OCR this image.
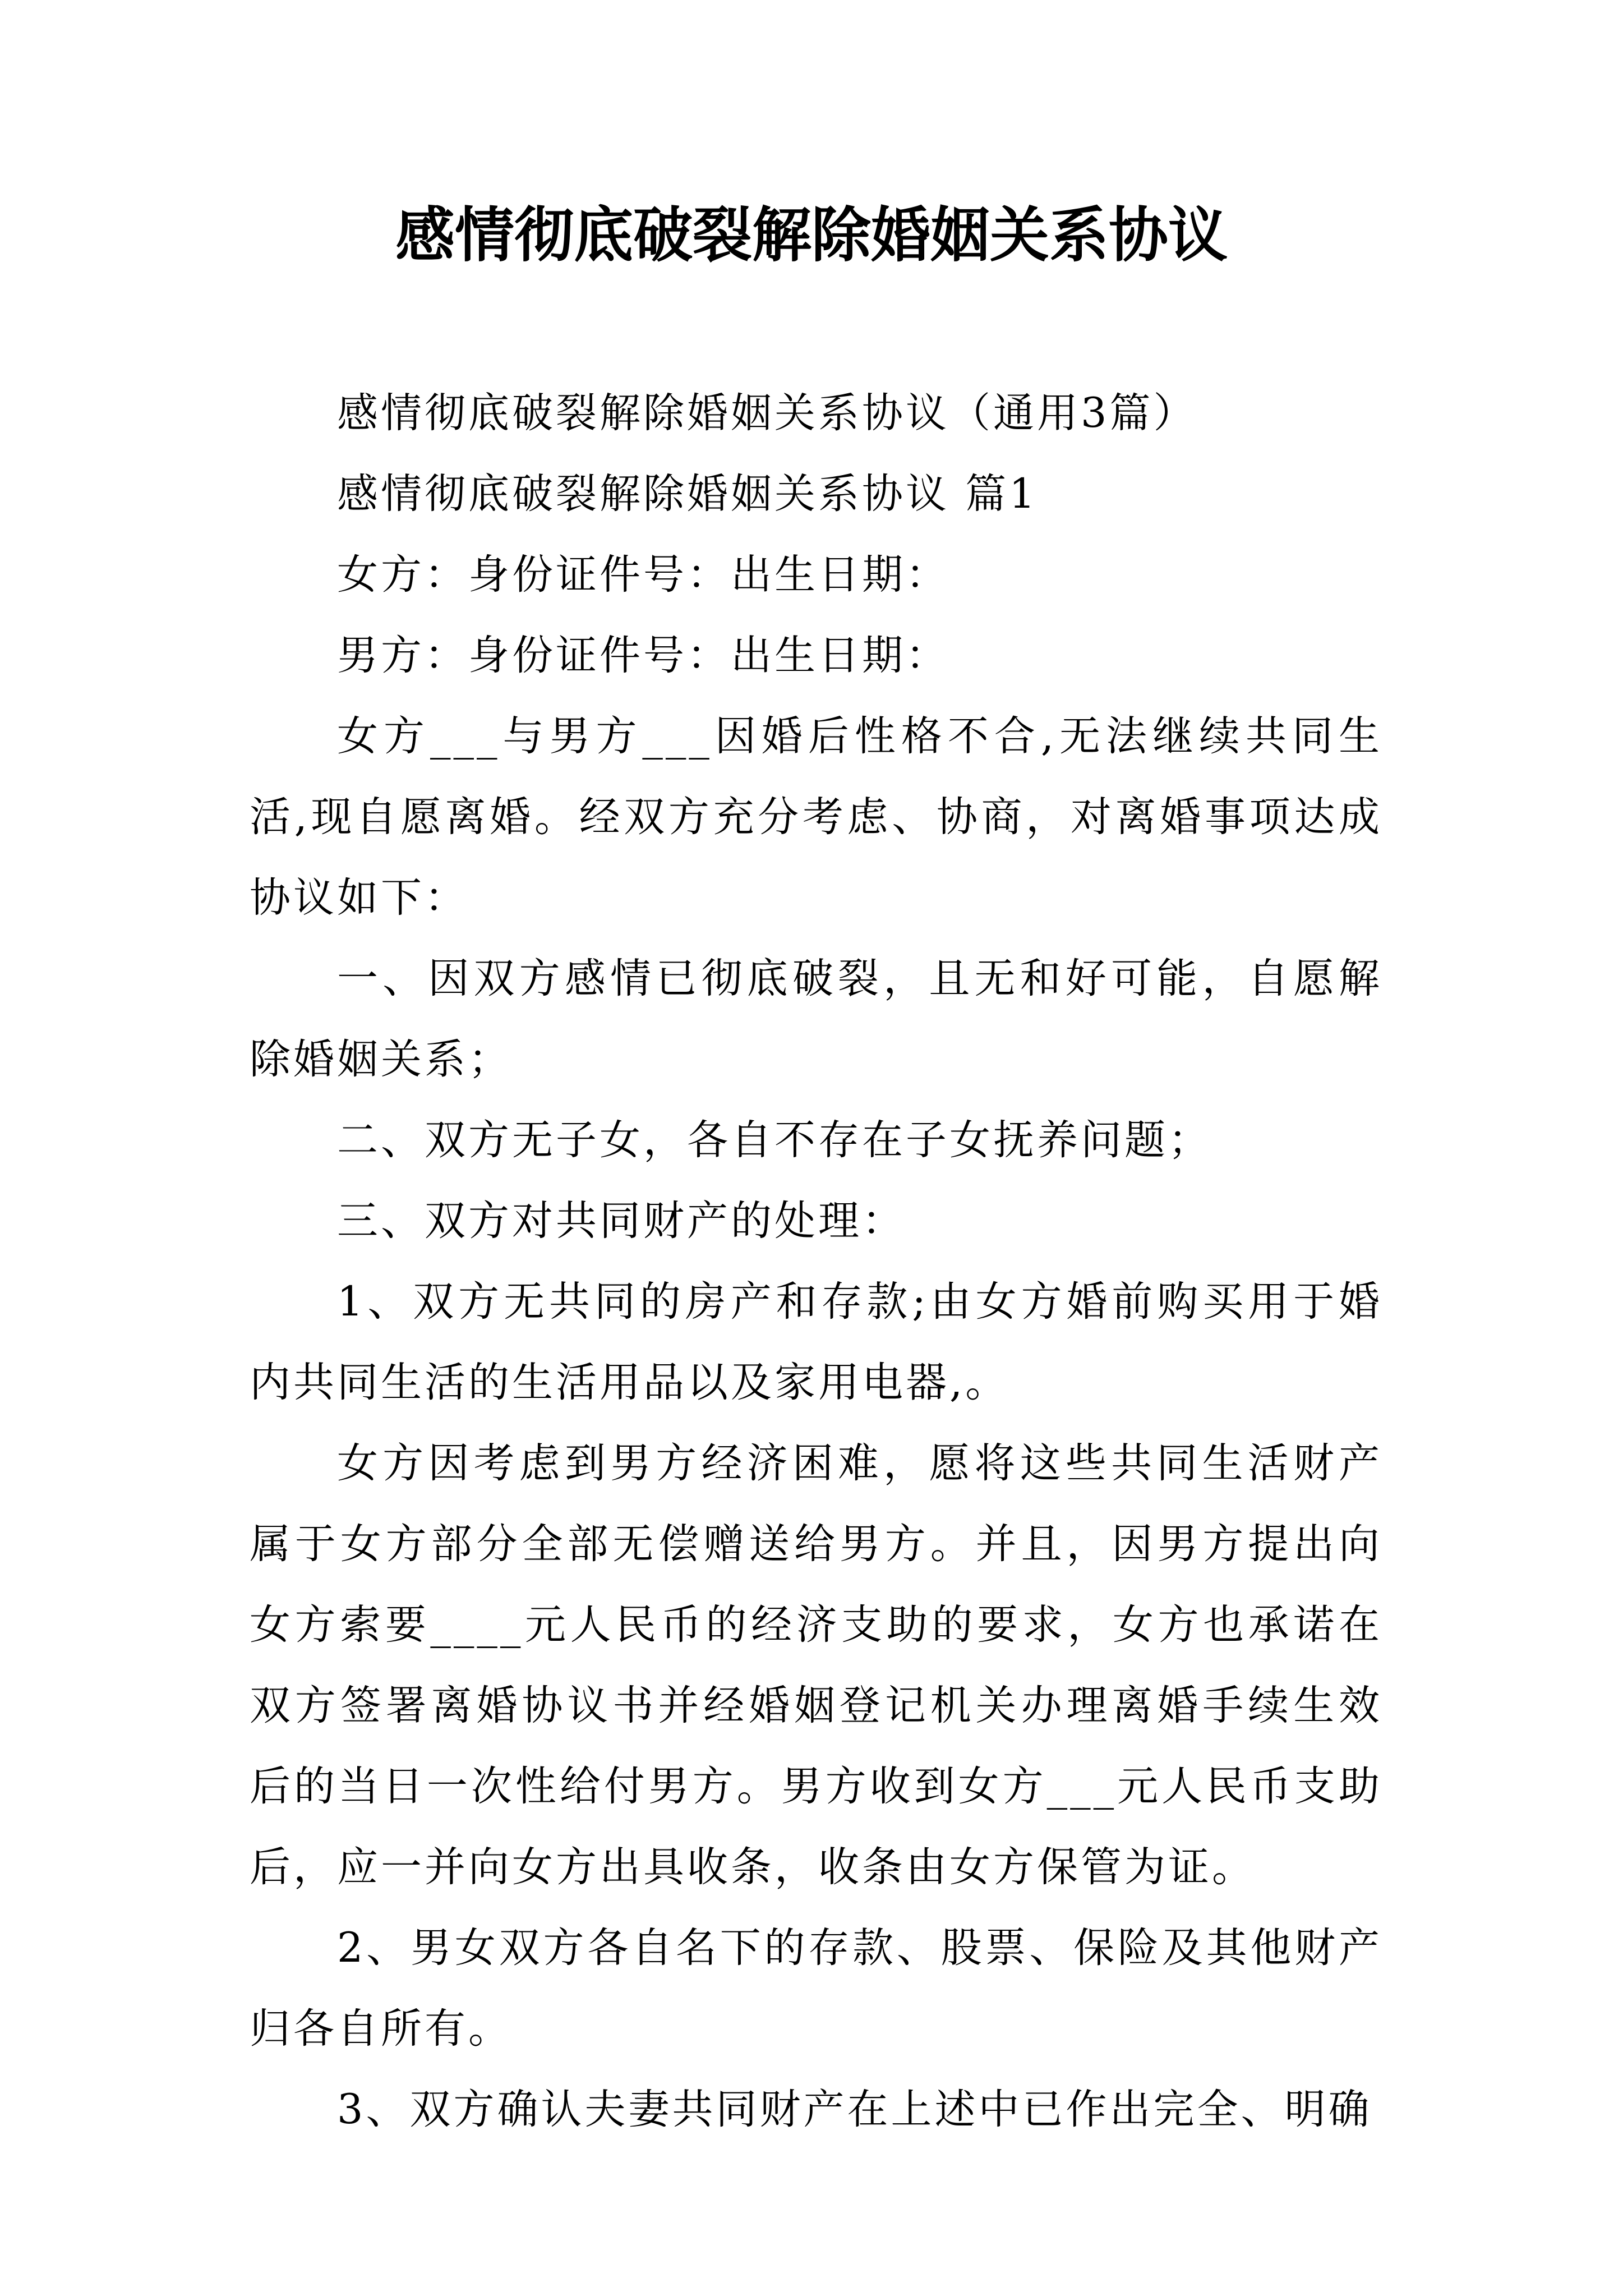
感情彻底破裂解除婚姻关系协议

感情彻底破裂解除婚姻关系协议（通用3篇）

感情彻底破裂解除婚姻关系协议 篇1

女方：身份证件号：出生日期：

男方：身份证件号：出生日期：

女方___与男方___因婚后性格不合,无法继续共同生活,现自愿离婚。经双方充分考虑、协商，对离婚事项达成协议如下：

一、因双方感情已彻底破裂，且无和好可能，自愿解除婚姻关系；

二、双方无子女，各自不存在子女抚养问题；

三、双方对共同财产的处理：

1、双方无共同的房产和存款;由女方婚前购买用于婚内共同生活的生活用品以及家用电器,。

女方因考虑到男方经济困难，愿将这些共同生活财产属于女方部分全部无偿赠送给男方。并且，因男方提出向女方索要____元人民币的经济支助的要求，女方也承诺在双方签署离婚协议书并经婚姻登记机关办理离婚手续生效后的当日一次性给付男方。男方收到女方___元人民币支助后，应一并向女方出具收条，收条由女方保管为证。

2、男女双方各自名下的存款、股票、保险及其他财产归各自所有。

3、双方确认夫妻共同财产在上述中已作出完全、明确
